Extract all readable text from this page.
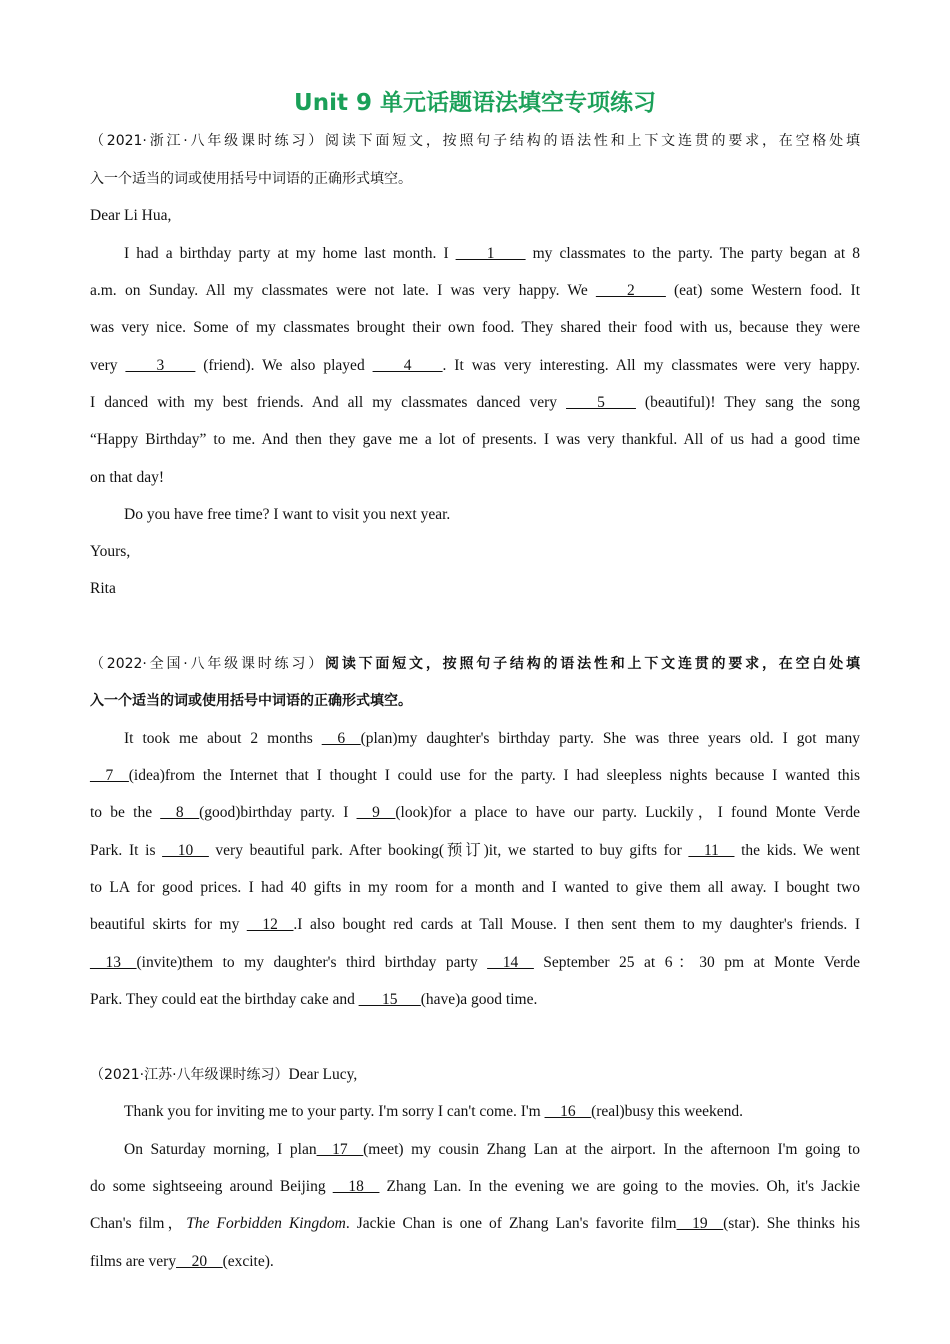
Unit 9 单元话题语法填空专项练习
（2021·浙江·八年级课时练习）阅读下面短文，按照句子结构的语法性和上下文连贯的要求，在空格处填
入一个适当的词或使用括号中词语的正确形式填空。
Dear Li Hua,
I had a birthday party at my home last month. I ____1____ my classmates to the party. The party began at 8
a.m. on Sunday. All my classmates were not late. I was very happy. We ____2____ (eat) some Western food. It
was very nice. Some of my classmates brought their own food. They shared their food with us, because they were
very ____3____ (friend). We also played ____4____. It was very interesting. All my classmates were very happy.
I danced with my best friends. And all my classmates danced very ____5____ (beautiful)! They sang the song
“Happy Birthday” to me. And then they gave me a lot of presents. I was very thankful. All of us had a good time
on that day!
Do you have free time? I want to visit you next year.
Yours,
Rita
（2022·全国·八年级课时练习）阅读下面短文，按照句子结构的语法性和上下文连贯的要求，在空白处填
入一个适当的词或使用括号中词语的正确形式填空。
It took me about 2 months __6__(plan)my daughter's birthday party. She was three years old. I got many
__7__(idea)from the Internet that I thought I could use for the party. I had sleepless nights because I wanted this
to be the __8__(good)birthday party. I __9__(look)for a place to have our party. Luckily，I found Monte Verde
Park. It is __10__ very beautiful park. After booking(预订)it, we started to buy gifts for __11__ the kids. We went
to LA for good prices. I had 40 gifts in my room for a month and I wanted to give them all away. I bought two
beautiful skirts for my __12__.I also bought red cards at Tall Mouse. I then sent them to my daughter's friends. I
__13__(invite)them to my daughter's third birthday party __14__ September 25 at 6：30 pm at Monte Verde
Park. They could eat the birthday cake and ___15___(have)a good time.
（2021·江苏·八年级课时练习）Dear Lucy,
Thank you for inviting me to your party. I'm sorry I can't come. I'm __16__(real)busy this weekend.
On Saturday morning, I plan__17__(meet) my cousin Zhang Lan at the airport. In the afternoon I'm going to
do some sightseeing around Beijing __18__ Zhang Lan. In the evening we are going to the movies. Oh, it's Jackie
Chan's film，The Forbidden Kingdom. Jackie Chan is one of Zhang Lan's favorite film__19__(star). She thinks his
films are very__20__(excite).
